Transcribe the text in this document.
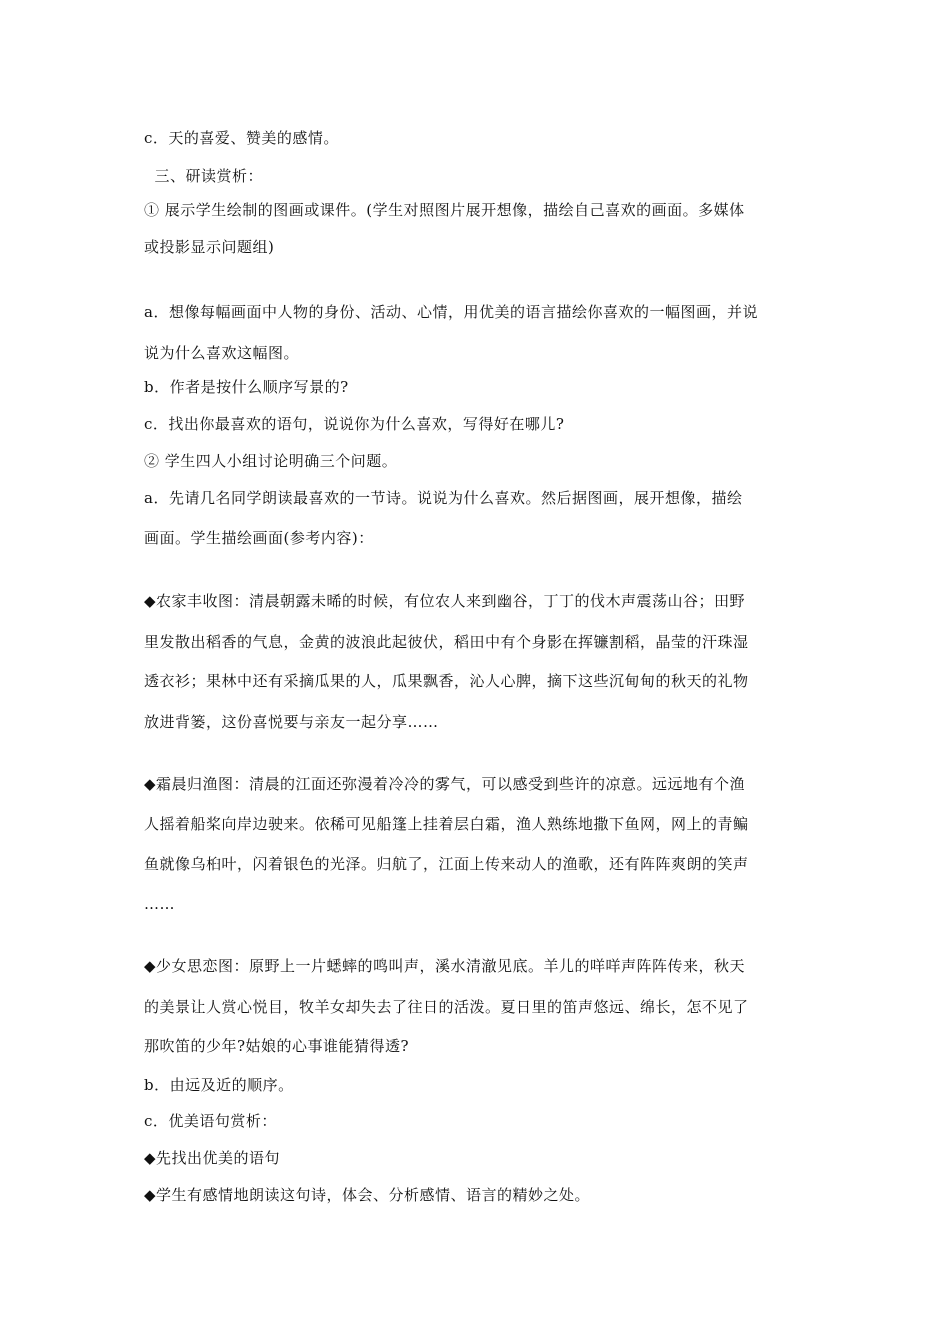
c．天的喜爱、赞美的感情。
三、研读赏析：
① 展示学生绘制的图画或课件。(学生对照图片展开想像，描绘自己喜欢的画面。多媒体
或投影显示问题组)
a．想像每幅画面中人物的身份、活动、心情，用优美的语言描绘你喜欢的一幅图画，并说
说为什么喜欢这幅图。
b．作者是按什么顺序写景的?
c．找出你最喜欢的语句，说说你为什么喜欢，写得好在哪儿?
② 学生四人小组讨论明确三个问题。
a．先请几名同学朗读最喜欢的一节诗。说说为什么喜欢。然后据图画，展开想像，描绘
画面。学生描绘画面(参考内容)：
◆农家丰收图：清晨朝露未晞的时候，有位农人来到幽谷，丁丁的伐木声震荡山谷；田野
里发散出稻香的气息，金黄的波浪此起彼伏，稻田中有个身影在挥镰割稻，晶莹的汗珠湿
透衣衫；果林中还有采摘瓜果的人，瓜果飘香，沁人心脾，摘下这些沉甸甸的秋天的礼物
放进背篓，这份喜悦要与亲友一起分享……
◆霜晨归渔图：清晨的江面还弥漫着冷冷的雾气，可以感受到些许的凉意。远远地有个渔
人摇着船桨向岸边驶来。依稀可见船篷上挂着层白霜，渔人熟练地撒下鱼网，网上的青鳊
鱼就像乌桕叶，闪着银色的光泽。归航了，江面上传来动人的渔歌，还有阵阵爽朗的笑声
……
◆少女思恋图：原野上一片蟋蟀的鸣叫声，溪水清澈见底。羊儿的咩咩声阵阵传来，秋天
的美景让人赏心悦目，牧羊女却失去了往日的活泼。夏日里的笛声悠远、绵长，怎不见了
那吹笛的少年?姑娘的心事谁能猜得透?
b．由远及近的顺序。
c．优美语句赏析：
◆先找出优美的语句
◆学生有感情地朗读这句诗，体会、分析感情、语言的精妙之处。
